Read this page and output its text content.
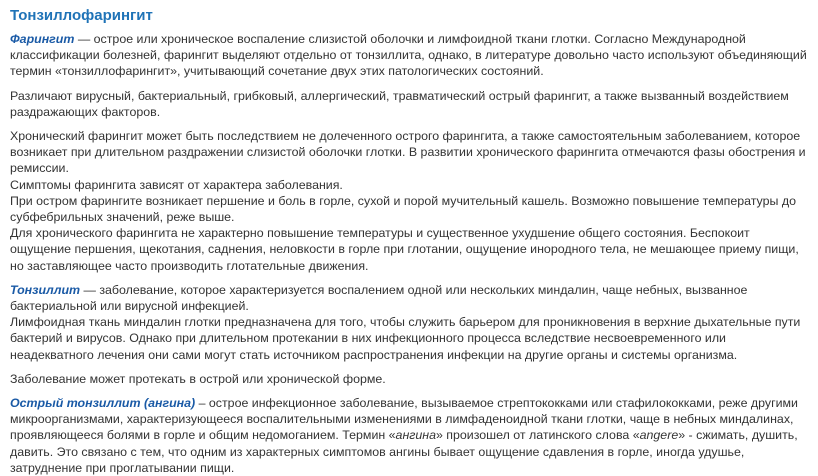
Тонзиллофарингит

Фарингит — острое или хроническое воспаление слизистой оболочки и лимфоидной ткани глотки. Согласно Международной классификации болезней, фарингит выделяют отдельно от тонзиллита, однако, в литературе довольно часто используют объединяющий термин «тонзиллофарингит», учитывающий сочетание двух этих патологических состояний.

Различают вирусный, бактериальный, грибковый, аллергический, травматический острый фарингит, а также вызванный воздействием раздражающих факторов.

Хронический фарингит может быть последствием не долеченного острого фарингита, а также самостоятельным заболеванием, которое возникает при длительном раздражении слизистой оболочки глотки. В развитии хронического фарингита отмечаются фазы обострения и ремиссии.

Симптомы фарингита зависят от характера заболевания.

При остром фарингите возникает першение и боль в горле, сухой и порой мучительный кашель. Возможно повышение температуры до субфебрильных значений, реже выше.

Для хронического фарингита не характерно повышение температуры и существенное ухудшение общего состояния. Беспокоит ощущение першения, щекотания, саднения, неловкости в горле при глотании, ощущение инородного тела, не мешающее приему пищи, но заставляющее часто производить глотательные движения.

Тонзиллит — заболевание, которое характеризуется воспалением одной или нескольких миндалин, чаще небных, вызванное бактериальной или вирусной инфекцией.

Лимфоидная ткань миндалин глотки предназначена для того, чтобы служить барьером для проникновения в верхние дыхательные пути бактерий и вирусов. Однако при длительном протекании в них инфекционного процесса вследствие несвоевременного или неадекватного лечения они сами могут стать источником распространения инфекции на другие органы и системы организма.

Заболевание может протекать в острой или хронической форме.

Острый тонзиллит (ангина) – острое инфекционное заболевание, вызываемое стрептококками или стафилококками, реже другими микроорганизмами, характеризующееся воспалительными изменениями в лимфаденоидной ткани глотки, чаще в небных миндалинах, проявляющееся болями в горле и общим недомоганием. Термин «ангина» произошел от латинского слова «angere» - сжимать, душить, давить. Это связано с тем, что одним из характерных симптомов ангины бывает ощущение сдавления в горле, иногда удушье, затруднение при проглатывании пищи.
